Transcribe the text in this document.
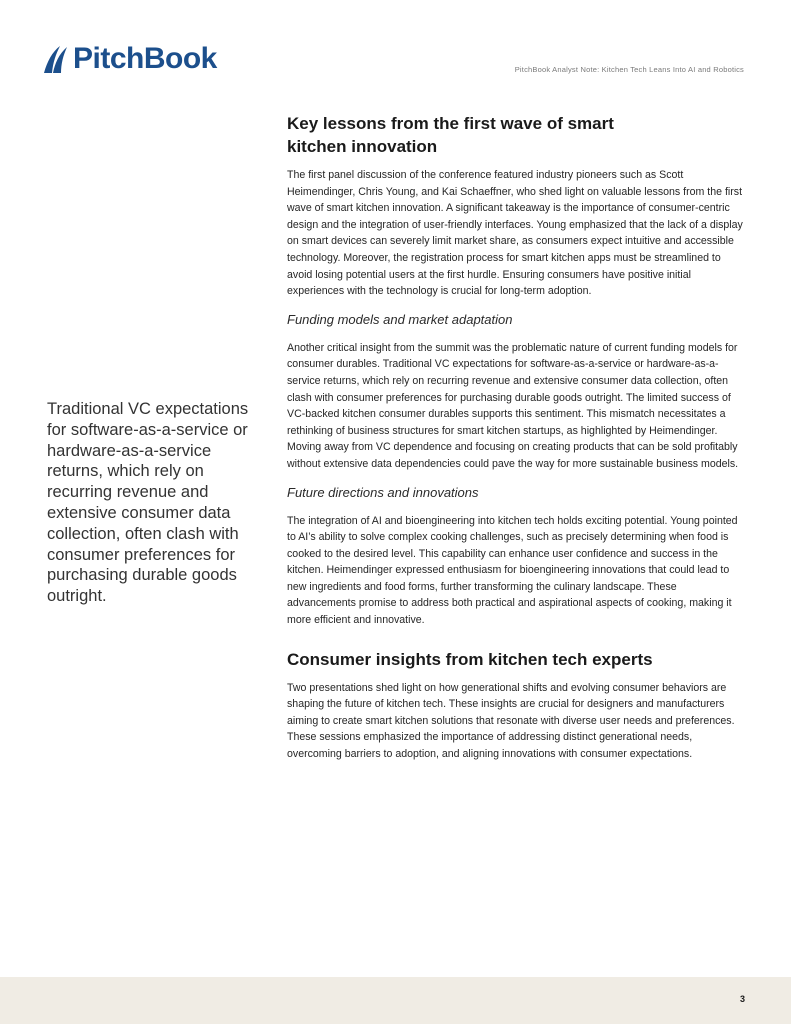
PitchBook	PitchBook Analyst Note: Kitchen Tech Leans Into AI and Robotics
Traditional VC expectations for software-as-a-service or hardware-as-a-service returns, which rely on recurring revenue and extensive consumer data collection, often clash with consumer preferences for purchasing durable goods outright.
Key lessons from the first wave of smart kitchen innovation

The first panel discussion of the conference featured industry pioneers such as Scott Heimendinger, Chris Young, and Kai Schaeffner, who shed light on valuable lessons from the first wave of smart kitchen innovation. A significant takeaway is the importance of consumer-centric design and the integration of user-friendly interfaces. Young emphasized that the lack of a display on smart devices can severely limit market share, as consumers expect intuitive and accessible technology. Moreover, the registration process for smart kitchen apps must be streamlined to avoid losing potential users at the first hurdle. Ensuring consumers have positive initial experiences with the technology is crucial for long-term adoption.

Funding models and market adaptation

Another critical insight from the summit was the problematic nature of current funding models for consumer durables. Traditional VC expectations for software-as-a-service or hardware-as-a-service returns, which rely on recurring revenue and extensive consumer data collection, often clash with consumer preferences for purchasing durable goods outright. The limited success of VC-backed kitchen consumer durables supports this sentiment. This mismatch necessitates a rethinking of business structures for smart kitchen startups, as highlighted by Heimendinger. Moving away from VC dependence and focusing on creating products that can be sold profitably without extensive data dependencies could pave the way for more sustainable business models.

Future directions and innovations

The integration of AI and bioengineering into kitchen tech holds exciting potential. Young pointed to AI’s ability to solve complex cooking challenges, such as precisely determining when food is cooked to the desired level. This capability can enhance user confidence and success in the kitchen. Heimendinger expressed enthusiasm for bioengineering innovations that could lead to new ingredients and food forms, further transforming the culinary landscape. These advancements promise to address both practical and aspirational aspects of cooking, making it more efficient and innovative.

Consumer insights from kitchen tech experts

Two presentations shed light on how generational shifts and evolving consumer behaviors are shaping the future of kitchen tech. These insights are crucial for designers and manufacturers aiming to create smart kitchen solutions that resonate with diverse user needs and preferences. These sessions emphasized the importance of addressing distinct generational needs, overcoming barriers to adoption, and aligning innovations with consumer expectations.

3
